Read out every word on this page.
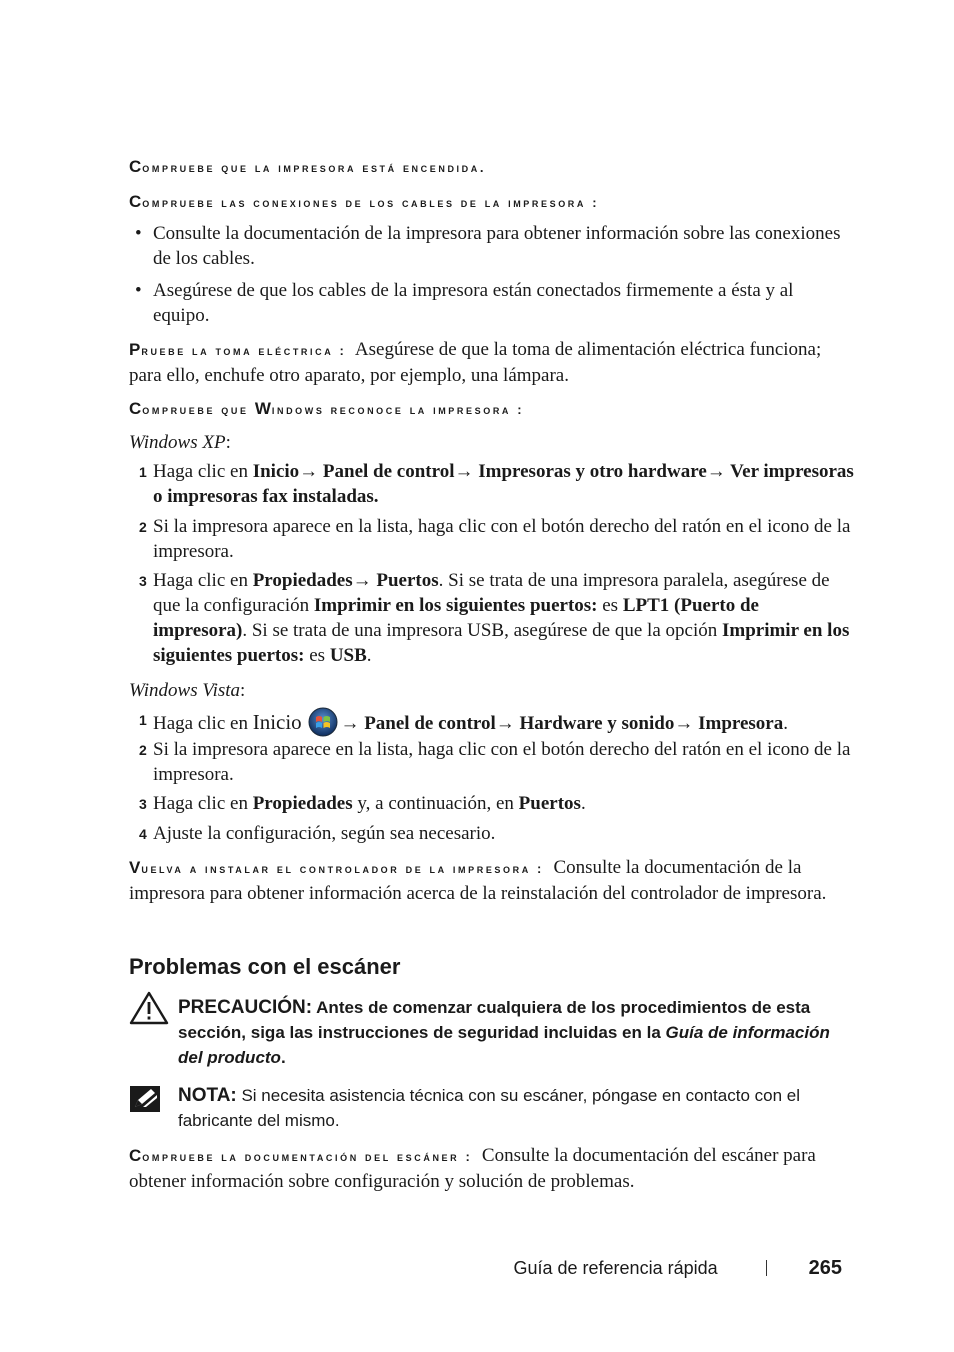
Compruebe que la impresora está encendida.
Compruebe las conexiones de los cables de la impresora :
• Consulte la documentación de la impresora para obtener información sobre las conexiones de los cables.
• Asegúrese de que los cables de la impresora están conectados firmemente a ésta y al equipo.
Pruebe la toma eléctrica : Asegúrese de que la toma de alimentación eléctrica funciona; para ello, enchufe otro aparato, por ejemplo, una lámpara.
Compruebe que Windows reconoce la impresora :
Windows XP:
1 Haga clic en Inicio→ Panel de control→ Impresoras y otro hardware→ Ver impresoras o impresoras fax instaladas.
2 Si la impresora aparece en la lista, haga clic con el botón derecho del ratón en el icono de la impresora.
3 Haga clic en Propiedades→ Puertos. Si se trata de una impresora paralela, asegúrese de que la configuración Imprimir en los siguientes puertos: es LPT1 (Puerto de impresora). Si se trata de una impresora USB, asegúrese de que la opción Imprimir en los siguientes puertos: es USB.
Windows Vista:
1 Haga clic en Inicio → Panel de control→ Hardware y sonido→ Impresora.
2 Si la impresora aparece en la lista, haga clic con el botón derecho del ratón en el icono de la impresora.
3 Haga clic en Propiedades y, a continuación, en Puertos.
4 Ajuste la configuración, según sea necesario.
Vuelva a instalar el controlador de la impresora : Consulte la documentación de la impresora para obtener información acerca de la reinstalación del controlador de impresora.
Problemas con el escáner
PRECAUCIÓN: Antes de comenzar cualquiera de los procedimientos de esta sección, siga las instrucciones de seguridad incluidas en la Guía de información del producto.
NOTA: Si necesita asistencia técnica con su escáner, póngase en contacto con el fabricante del mismo.
Compruebe la documentación del escáner : Consulte la documentación del escáner para obtener información sobre configuración y solución de problemas.
Guía de referencia rápida	265
